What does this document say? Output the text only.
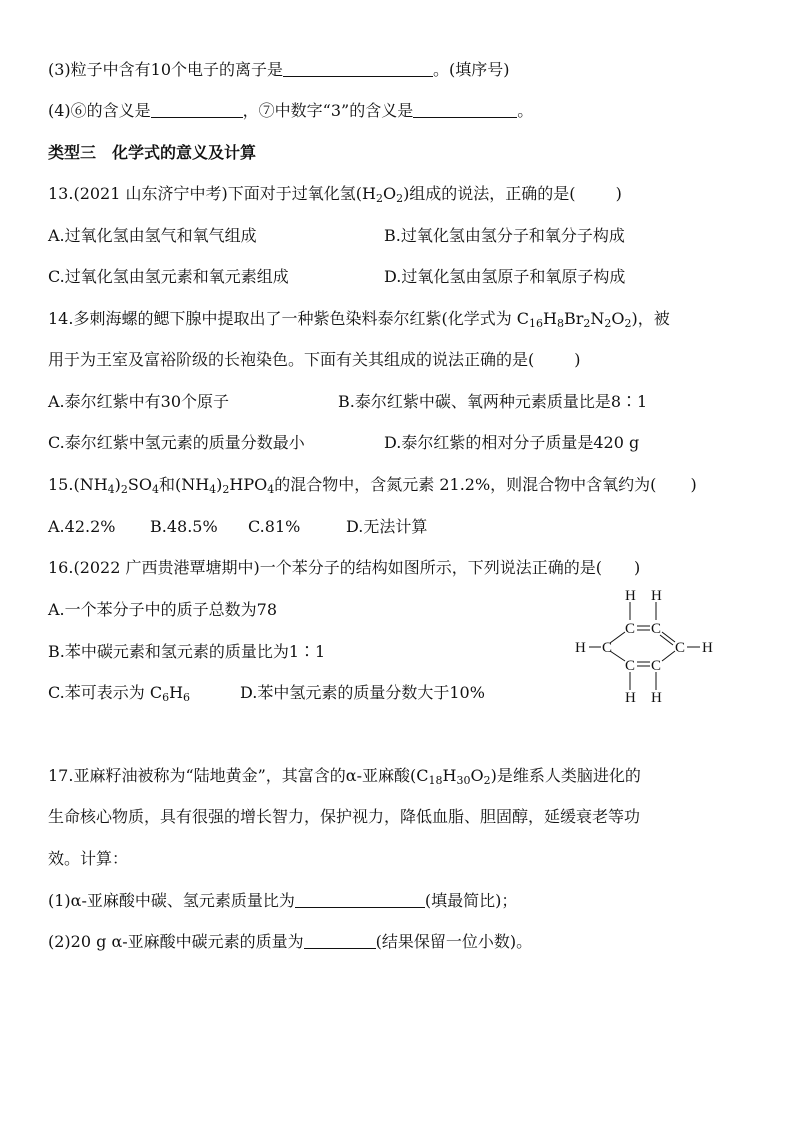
(3)粒子中含有10个电子的离子是	。(填序号)
(4)⑥的含义是	，⑦中数字“3”的含义是	。
类型三　化学式的意义及计算
13.(2021 山东济宁中考)下面对于过氧化氢$(H_2O_2)$组成的说法，正确的是(	)
A.过氧化氢由氢气和氧气组成	B.过氧化氢由氢分子和氧分子构成
C.过氧化氢由氢元素和氧元素组成	D.过氧化氢由氢原子和氧原子构成
14.多刺海螺的鳃下腺中提取出了一种紫色染料泰尔红紫(化学式为 $C_{16}H_8Br_2N_2O_2$)，被
用于为王室及富裕阶级的长袍染色。下面有关其组成的说法正确的是(	)
A.泰尔红紫中有30个原子	B.泰尔红紫中碳、氧两种元素质量比是8∶1
C.泰尔红紫中氢元素的质量分数最小	D.泰尔红紫的相对分子质量是420 g
$15.(NH_4)_2SO_4$和$(NH_4)_2HPO_4$的混合物中，含氮元素 21.2%，则混合物中含氧约为( )
A.42.2% B.48.5% C.81%	D.无法计算
16.(2022 广西贵港覃塘期中)一个苯分子的结构如图所示，下列说法正确的是( )
A.一个苯分子中的质子总数为78
B.苯中碳元素和氢元素的质量比为1∶1
C.苯可表示为 $C_6H_6$	D.苯中氢元素的质量分数大于10%
H H
C C
H C	C H
C C
H H
17.亚麻籽油被称为“陆地黄金”，其富含的α-亚麻酸$(C_{18}H_{30}O_2)$是维系人类脑进化的
生命核心物质，具有很强的增长智力，保护视力，降低血脂、胆固醇，延缓衰老等功
效。计算：
(1)α-亚麻酸中碳、氢元素质量比为	(填最简比)；
(2)20 g α-亚麻酸中碳元素的质量为	(结果保留一位小数)。
